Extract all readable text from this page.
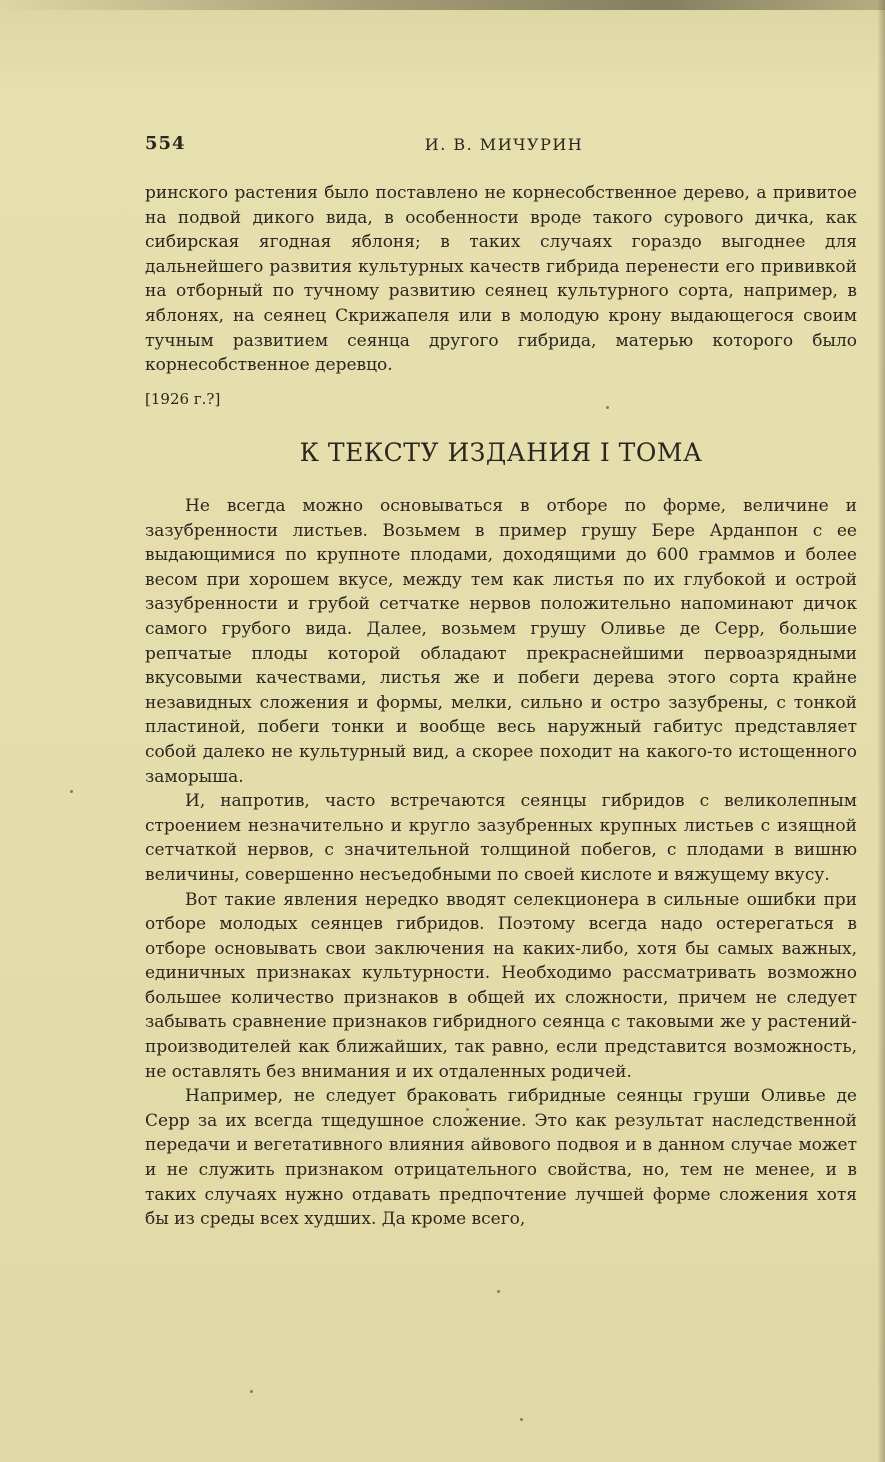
554	И. В. МИЧУРИН

ринского растения было поставлено не корнесобственное дерево, а привитое на подвой дикого вида, в особенности вроде такого сурового дичка, как сибирская ягодная яблоня; в таких случаях гораздо выгоднее для дальнейшего развития культурных качеств гибрида перенести его прививкой на отборный по тучному развитию сеянец культурного сорта, например, в яблонях, на сеянец Скрижапеля или в молодую крону выдающегося своим тучным развитием сеянца другого гибрида, матерью которого было корнесобственное деревцо.

[1926 г.?]
К ТЕКСТУ ИЗДАНИЯ I ТОМА

Не всегда можно основываться в отборе по форме, величине и зазубренности листьев. Возьмем в пример грушу Бере Арданпон с ее выдающимися по крупноте плодами, доходящими до 600 граммов и более весом при хорошем вкусе, между тем как листья по их глубокой и острой зазубренности и грубой сетчатке нервов положительно напоминают дичок самого грубого вида. Далее, возьмем грушу Оливье де Серр, большие репчатые плоды которой обладают прекраснейшими первоазрядными вкусовыми качествами, листья же и побеги дерева этого сорта крайне незавидных сложения и формы, мелки, сильно и остро зазубрены, с тонкой пластиной, побеги тонки и вообще весь наружный габитус представляет собой далеко не культурный вид, а скорее походит на какого-то истощенного заморыша.

И, напротив, часто встречаются сеянцы гибридов с великолепным строением незначительно и кругло зазубренных крупных листьев с изящной сетчаткой нервов, с значительной толщиной побегов, с плодами в вишню величины, совершенно несъедобными по своей кислоте и вяжущему вкусу.

Вот такие явления нередко вводят селекционера в сильные ошибки при отборе молодых сеянцев гибридов. Поэтому всегда надо остерегаться в отборе основывать свои заключения на каких-либо, хотя бы самых важных, единичных признаках культурности. Необходимо рассматривать возможно большее количество признаков в общей их сложности, причем не следует забывать сравнение признаков гибридного сеянца с таковыми же у растений-производителей как ближайших, так равно, если представится возможность, не оставлять без внимания и их отдаленных родичей.

Например, не следует браковать гибридные сеянцы груши Оливье де Серр за их всегда тщедушное сложение. Это как результат наследственной передачи и вегетативного влияния айвового подвоя и в данном случае может и не служить признаком отрицательного свойства, но, тем не менее, и в таких случаях нужно отдавать предпочтение лучшей форме сложения хотя бы из среды всех худших. Да кроме всего,
